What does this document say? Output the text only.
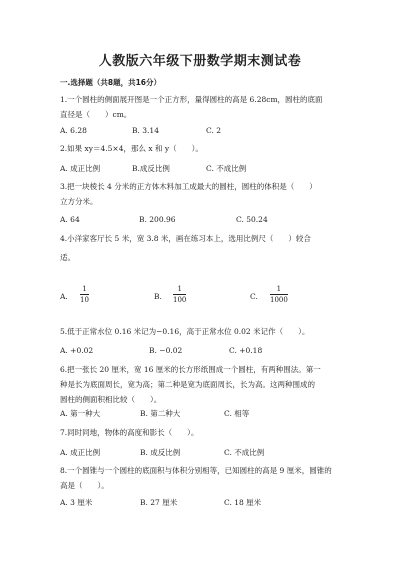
人教版六年级下册数学期末测试卷
一.选择题（共8题，共16分）
1.一个圆柱的侧面展开图是一个正方形，量得圆柱的高是 6.28cm，圆柱的底面
直径是（　　）cm。
A. 6.28	B. 3.14	C. 2
2.如果 xy＝4.5×4，那么 x 和 y（　　）。
A. 成正比例	B.成反比例	C. 不成比例
3.把一块棱长 4 分米的正方体木料加工成最大的圆柱，圆柱的体积是（　　）
立方分米。
A. 64	B. 200.96	C. 50.24
4.小洋家客厅长 5 米，宽 3.8 米，画在练习本上，选用比例尺（　　）较合
适。
A.
1
10	B.
1
100	C.
1
1000
5.低于正常水位 0.16 米记为−0.16，高于正常水位 0.02 米记作（　　）。
A. +0.02	B. −0.02	C. +0.18
6.把一张长 20 厘米，宽 16 厘米的长方形纸围成一个圆柱，有两种围法。第一
种是长为底面周长，宽为高；第二种是宽为底面周长，长为高。这两种围成的
圆柱的侧面积相比较（　　）。
A. 第一种大	B. 第二种大	C. 相等
7.同时同地，物体的高度和影长（　　）。
A. 成正比例	B. 成反比例	C. 不成比例
8.一个圆锥与一个圆柱的底面积与体积分别相等，已知圆柱的高是 9 厘米，圆锥的
高是（　　）。
A. 3 厘米	B. 27 厘米	C. 18 厘米
